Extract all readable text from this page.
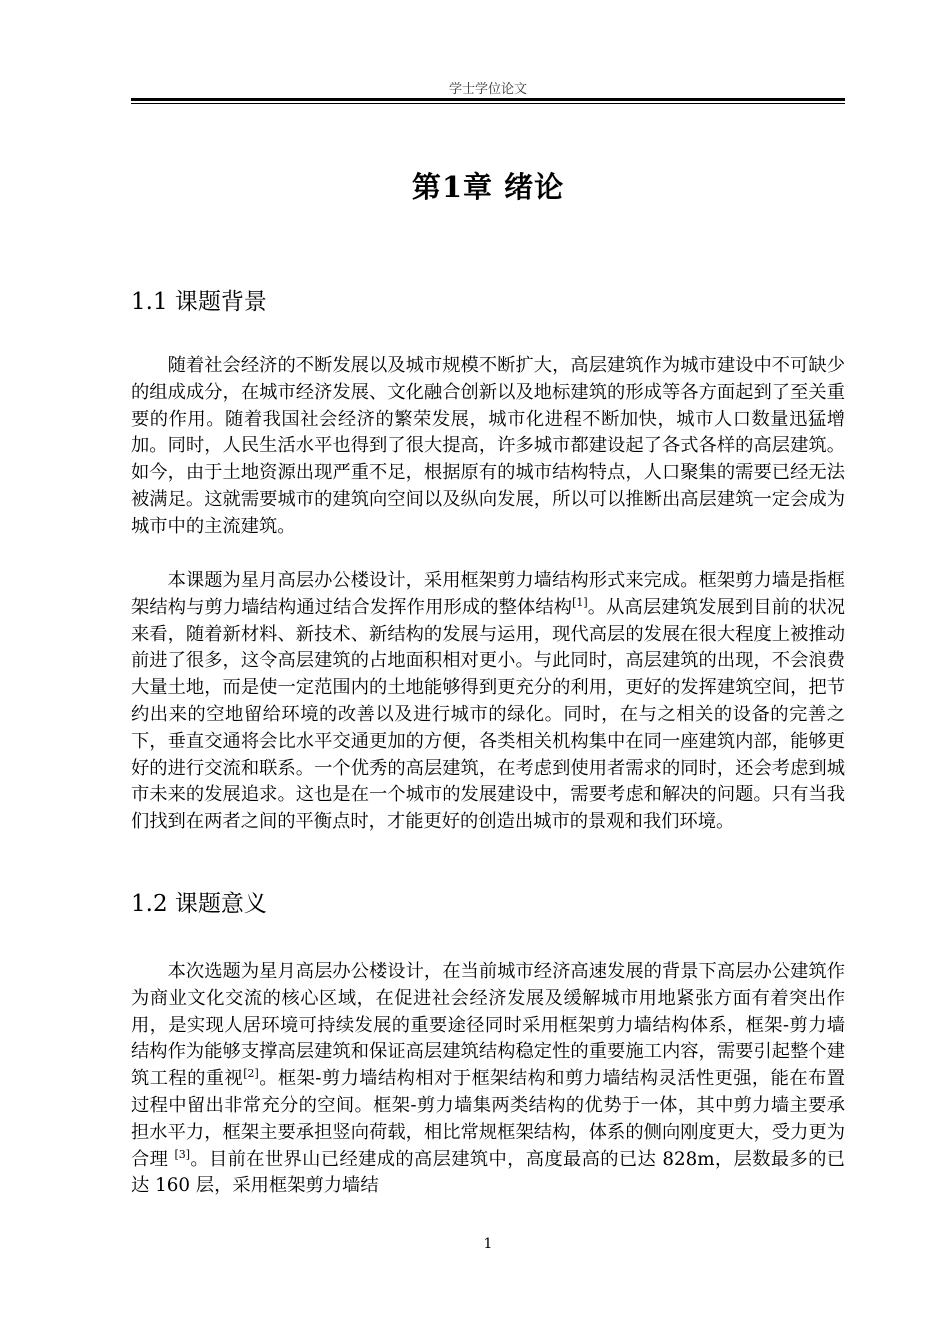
学士学位论文
第1章 绪论
1.1 课题背景

随着社会经济的不断发展以及城市规模不断扩大，高层建筑作为城市建设中不可缺少的组成成分，在城市经济发展、文化融合创新以及地标建筑的形成等各方面起到了至关重要的作用。随着我国社会经济的繁荣发展，城市化进程不断加快，城市人口数量迅猛增加。同时，人民生活水平也得到了很大提高，许多城市都建设起了各式各样的高层建筑。如今，由于土地资源出现严重不足，根据原有的城市结构特点，人口聚集的需要已经无法被满足。这就需要城市的建筑向空间以及纵向发展，所以可以推断出高层建筑一定会成为城市中的主流建筑。

本课题为星月高层办公楼设计，采用框架剪力墙结构形式来完成。框架剪力墙是指框架结构与剪力墙结构通过结合发挥作用形成的整体结构[1]。从高层建筑发展到目前的状况来看，随着新材料、新技术、新结构的发展与运用，现代高层的发展在很大程度上被推动前进了很多，这令高层建筑的占地面积相对更小。与此同时，高层建筑的出现，不会浪费大量土地，而是使一定范围内的土地能够得到更充分的利用，更好的发挥建筑空间，把节约出来的空地留给环境的改善以及进行城市的绿化。同时，在与之相关的设备的完善之下，垂直交通将会比水平交通更加的方便，各类相关机构集中在同一座建筑内部，能够更好的进行交流和联系。一个优秀的高层建筑，在考虑到使用者需求的同时，还会考虑到城市未来的发展追求。这也是在一个城市的发展建设中，需要考虑和解决的问题。只有当我们找到在两者之间的平衡点时，才能更好的创造出城市的景观和我们环境。

1.2 课题意义

本次选题为星月高层办公楼设计，在当前城市经济高速发展的背景下高层办公建筑作为商业文化交流的核心区域，在促进社会经济发展及缓解城市用地紧张方面有着突出作用，是实现人居环境可持续发展的重要途径同时采用框架剪力墙结构体系，框架-剪力墙结构作为能够支撑高层建筑和保证高层建筑结构稳定性的重要施工内容，需要引起整个建筑工程的重视[2]。框架-剪力墙结构相对于框架结构和剪力墙结构灵活性更强，能在布置过程中留出非常充分的空间。框架-剪力墙集两类结构的优势于一体，其中剪力墙主要承担水平力，框架主要承担竖向荷载，相比常规框架结构，体系的侧向刚度更大，受力更为合理 [3]。目前在世界山已经建成的高层建筑中，高度最高的已达 828m，层数最多的已达 160 层，采用框架剪力墙结

1
